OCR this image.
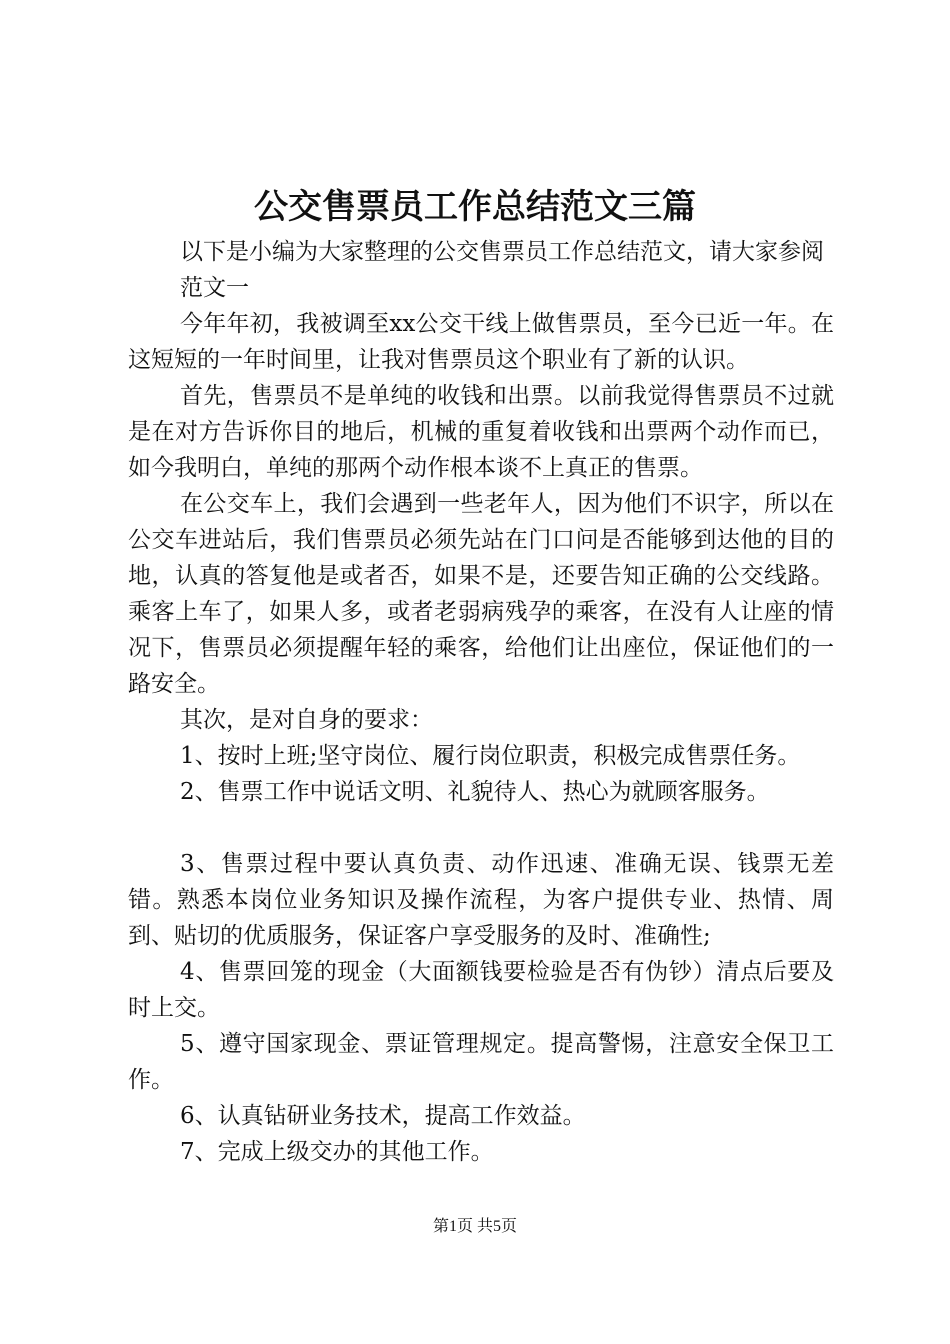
公交售票员工作总结范文三篇

以下是小编为大家整理的公交售票员工作总结范文，请大家参阅

范文一

今年年初，我被调至xx公交干线上做售票员，至今已近一年。在这短短的一年时间里，让我对售票员这个职业有了新的认识。

首先，售票员不是单纯的收钱和出票。以前我觉得售票员不过就是在对方告诉你目的地后，机械的重复着收钱和出票两个动作而已，如今我明白，单纯的那两个动作根本谈不上真正的售票。

在公交车上，我们会遇到一些老年人，因为他们不识字，所以在公交车进站后，我们售票员必须先站在门口问是否能够到达他的目的地，认真的答复他是或者否，如果不是，还要告知正确的公交线路。乘客上车了，如果人多，或者老弱病残孕的乘客，在没有人让座的情况下，售票员必须提醒年轻的乘客，给他们让出座位，保证他们的一路安全。

其次，是对自身的要求：

1、按时上班;坚守岗位、履行岗位职责，积极完成售票任务。

2、售票工作中说话文明、礼貌待人、热心为就顾客服务。

3、售票过程中要认真负责、动作迅速、准确无误、钱票无差错。熟悉本岗位业务知识及操作流程，为客户提供专业、热情、周到、贴切的优质服务，保证客户享受服务的及时、准确性;

4、售票回笼的现金（大面额钱要检验是否有伪钞）清点后要及时上交。

5、遵守国家现金、票证管理规定。提高警惕，注意安全保卫工作。

6、认真钻研业务技术，提高工作效益。

7、完成上级交办的其他工作。

第1页 共5页
